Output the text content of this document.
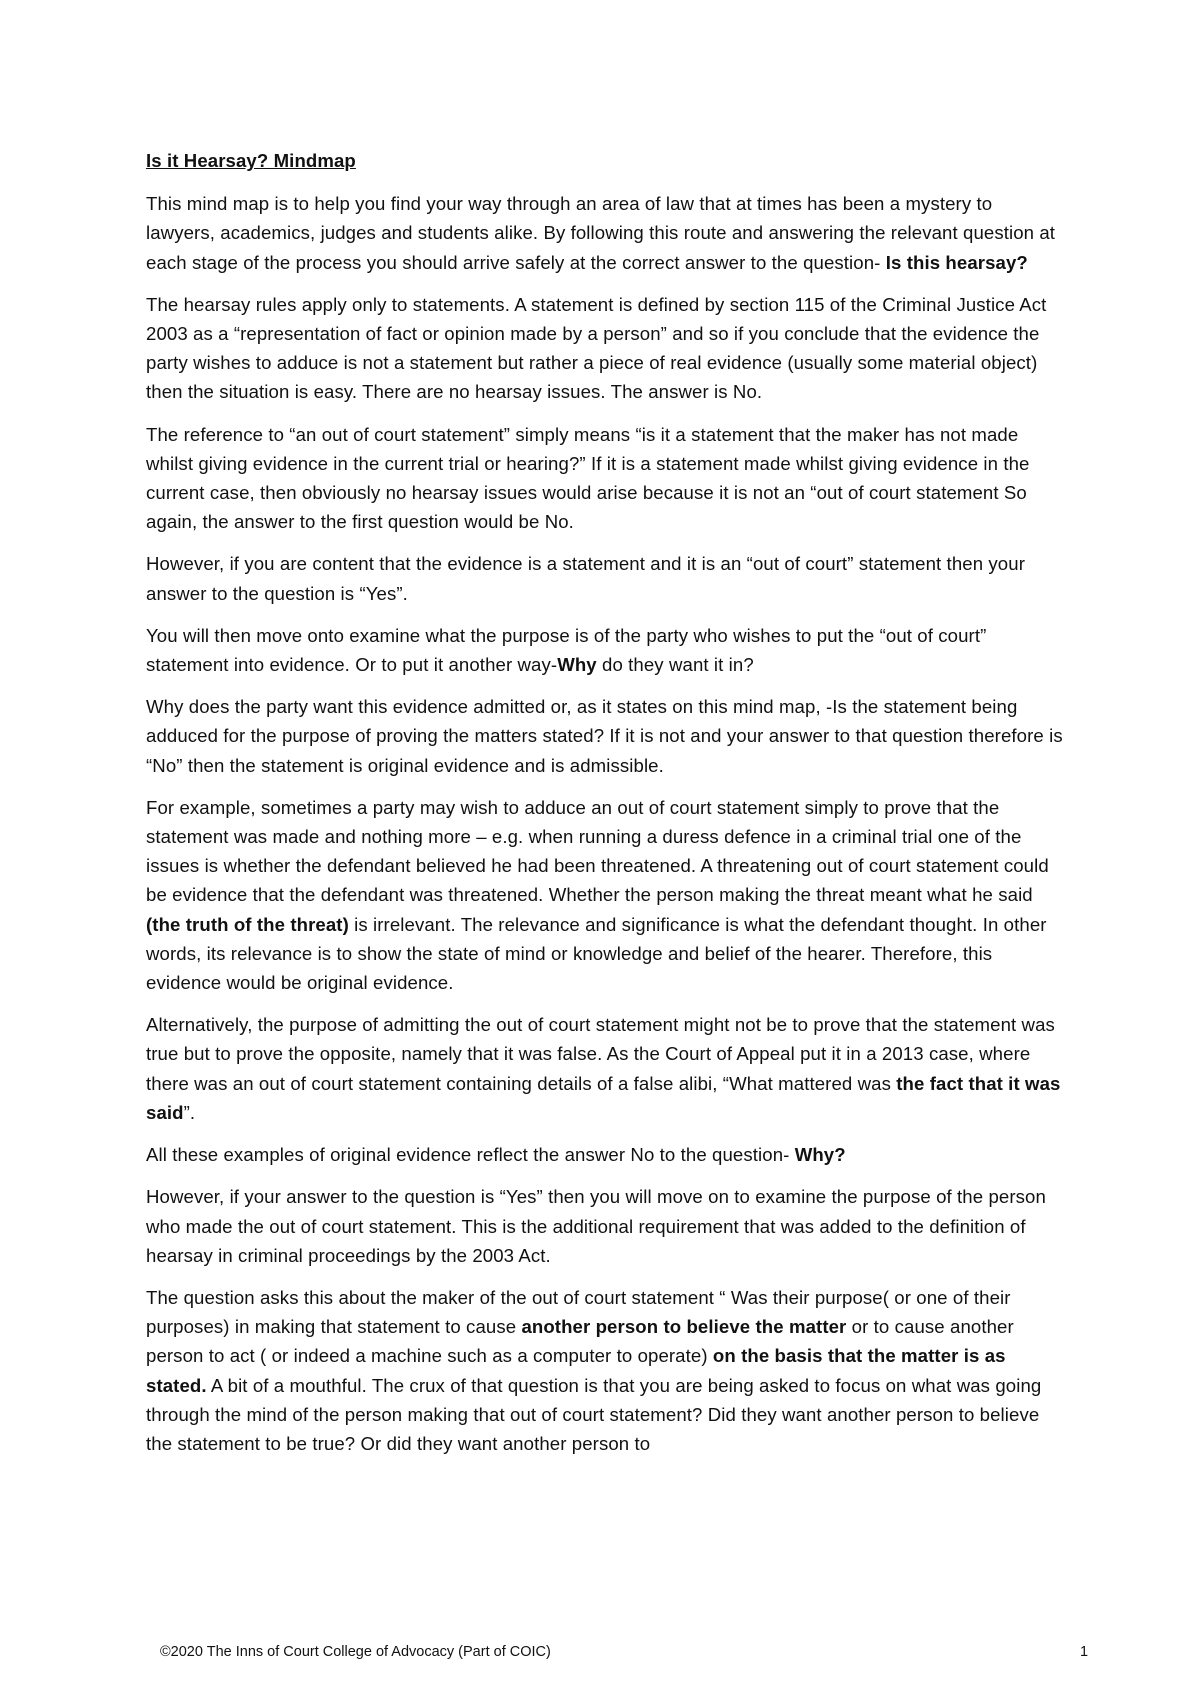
Is it Hearsay? Mindmap

This mind map is to help you find your way through an area of law that at times has been a mystery to lawyers, academics, judges and students alike. By following this route and answering the relevant question at each stage of the process you should arrive safely at the correct answer to the question- Is this hearsay?

The hearsay rules apply only to statements. A statement is defined by section 115 of the Criminal Justice Act 2003 as a “representation of fact or opinion made by a person” and so if you conclude that the evidence the party wishes to adduce is not a statement but rather a piece of real evidence (usually some material object) then the situation is easy. There are no hearsay issues. The answer is No.

The reference to “an out of court statement” simply means “is it a statement that the maker has not made whilst giving evidence in the current trial or hearing?” If it is a statement made whilst giving evidence in the current case, then obviously no hearsay issues would arise because it is not an “out of court statement So again, the answer to the first question would be No.

However, if you are content that the evidence is a statement and it is an “out of court” statement then your answer to the question is “Yes”.

You will then move onto examine what the purpose is of the party who wishes to put the “out of court” statement into evidence. Or to put it another way-Why do they want it in?

Why does the party want this evidence admitted or, as it states on this mind map, -Is the statement being adduced for the purpose of proving the matters stated? If it is not and your answer to that question therefore is “No” then the statement is original evidence and is admissible.

For example, sometimes a party may wish to adduce an out of court statement simply to prove that the statement was made and nothing more – e.g. when running a duress defence in a criminal trial one of the issues is whether the defendant believed he had been threatened. A threatening out of court statement could be evidence that the defendant was threatened. Whether the person making the threat meant what he said (the truth of the threat) is irrelevant. The relevance and significance is what the defendant thought. In other words, its relevance is to show the state of mind or knowledge and belief of the hearer. Therefore, this evidence would be original evidence.

Alternatively, the purpose of admitting the out of court statement might not be to prove that the statement was true but to prove the opposite, namely that it was false. As the Court of Appeal put it in a 2013 case, where there was an out of court statement containing details of a false alibi, “What mattered was the fact that it was said”.

All these examples of original evidence reflect the answer No to the question- Why?

However, if your answer to the question is “Yes” then you will move on to examine the purpose of the person who made the out of court statement. This is the additional requirement that was added to the definition of hearsay in criminal proceedings by the 2003 Act.

The question asks this about the maker of the out of court statement “ Was their purpose( or one of their purposes) in making that statement to cause another person to believe the matter or to cause another person to act ( or indeed a machine such as a computer to operate) on the basis that the matter is as stated. A bit of a mouthful. The crux of that question is that you are being asked to focus on what was going through the mind of the person making that out of court statement? Did they want another person to believe the statement to be true? Or did they want another person to

©2020 The Inns of Court College of Advocacy (Part of COIC)	1
